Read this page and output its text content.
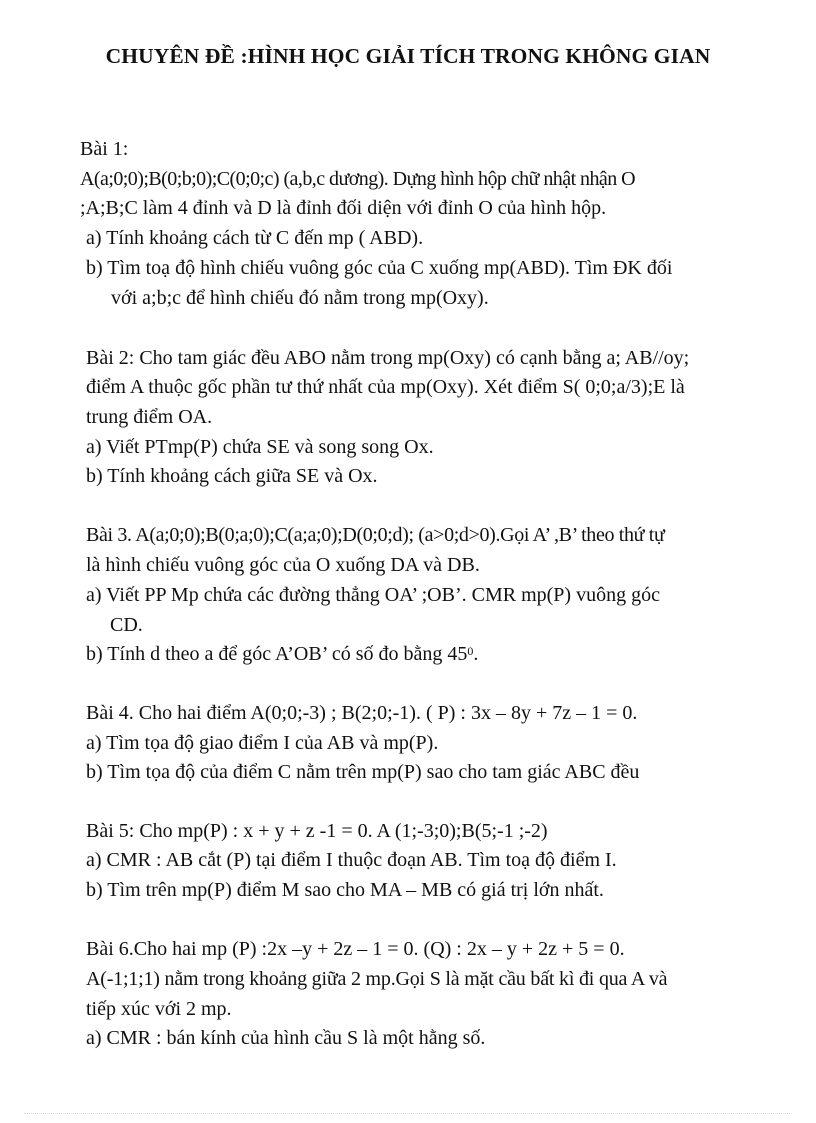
CHUYÊN ĐỀ :HÌNH HỌC GIẢI TÍCH TRONG KHÔNG GIAN
Bài 1:
A(a;0;0);B(0;b;0);C(0;0;c) (a,b,c dương). Dựng hình hộp chữ nhật nhận O
;A;B;C làm 4 đỉnh và D là đỉnh đối diện với đỉnh O của hình hộp.
a) Tính khoảng cách từ C đến mp ( ABD).
b) Tìm toạ độ hình chiếu vuông góc của C xuống mp(ABD). Tìm ĐK đối
với a;b;c để hình chiếu đó nằm trong mp(Oxy).
Bài 2: Cho tam giác đều ABO nằm trong mp(Oxy) có cạnh bằng a; AB//oy;
điểm A thuộc gốc phần tư thứ nhất của mp(Oxy). Xét điểm S( 0;0;a/3);E là
trung điểm OA.
a) Viết PTmp(P) chứa SE và song song Ox.
b) Tính khoảng cách giữa SE và Ox.
Bài 3. A(a;0;0);B(0;a;0);C(a;a;0);D(0;0;d); (a>0;d>0).Gọi A’ ,B’ theo thứ tự
là hình chiếu vuông góc của O xuống DA và DB.
a) Viết PP Mp chứa các đường thẳng OA’ ;OB’. CMR mp(P) vuông góc
CD.
b) Tính d theo a để góc A’OB’ có số đo bằng $45^0$.
Bài 4. Cho hai điểm A(0;0;-3) ; B(2;0;-1). ( P) : 3x – 8y + 7z – 1 = 0.
a) Tìm tọa độ giao điểm I của AB và mp(P).
b) Tìm tọa độ của điểm C nằm trên mp(P) sao cho tam giác ABC đều
Bài 5: Cho mp(P) : x + y + z -1 = 0. A (1;-3;0);B(5;-1 ;-2)
a) CMR : AB cắt (P) tại điểm I thuộc đoạn AB. Tìm toạ độ điểm I.
b) Tìm trên mp(P) điểm M sao cho MA – MB có giá trị lớn nhất.
Bài 6.Cho hai mp (P) :2x –y + 2z – 1 = 0. (Q) : 2x – y + 2z + 5 = 0.
A(-1;1;1) nằm trong khoảng giữa 2 mp.Gọi S là mặt cầu bất kì đi qua A và
tiếp xúc với 2 mp.
a) CMR : bán kính của hình cầu S là một hằng số.
